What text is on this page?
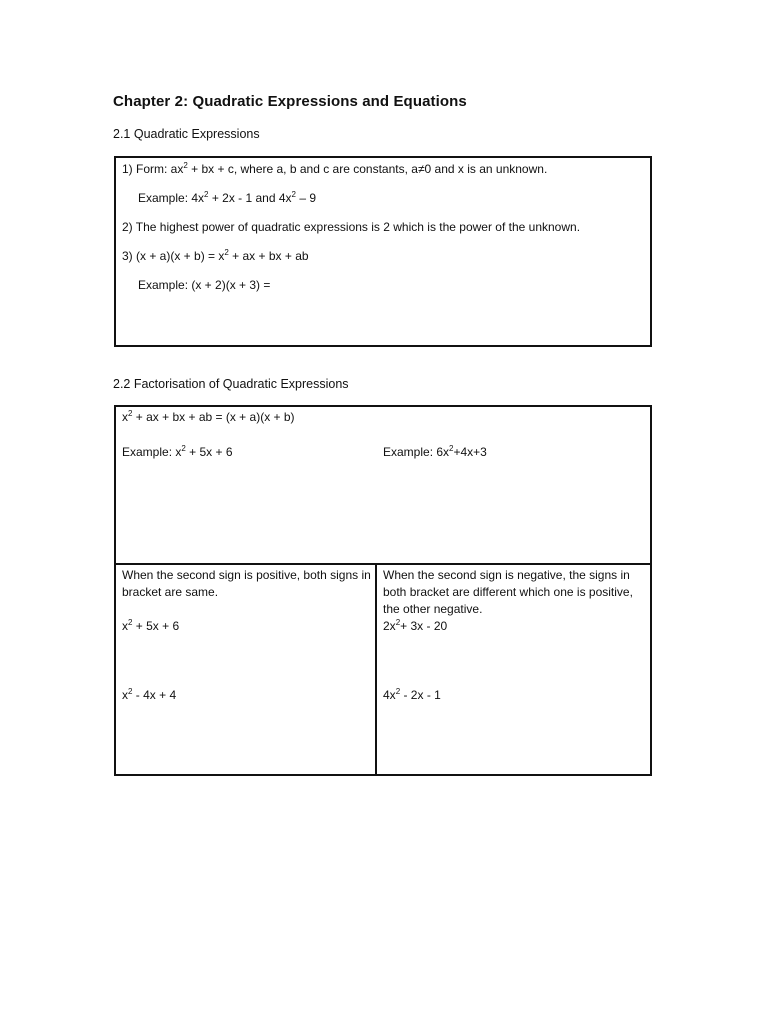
Chapter 2: Quadratic Expressions and Equations
2.1 Quadratic Expressions
1) Form: $ax^2$ + bx + c, where a, b and c are constants, a≠0 and x is an unknown.
Example: $4x^2 + 2x - 1$ and $4x^2 - 9$
2) The highest power of quadratic expressions is 2 which is the power of the unknown.
3) $(x + a)(x + b) = x^2$ + ax + bx + ab
Example: (x + 2)(x + 3) =
2.2 Factorisation of Quadratic Expressions
$x^2$ + ax + bx + ab = (x + a)(x + b)
Example: $x^2 + 5x + 6$	Example: $6x^2+4x+3$
When the second sign is positive, both signs in bracket are same.
$x^2 + 5x + 6$
$x^2 - 4x + 4$
When the second sign is negative, the signs in both bracket are different which one is positive, the other negative.
$2x^2+ 3x - 20$
$4x^2 - 2x - 1$
